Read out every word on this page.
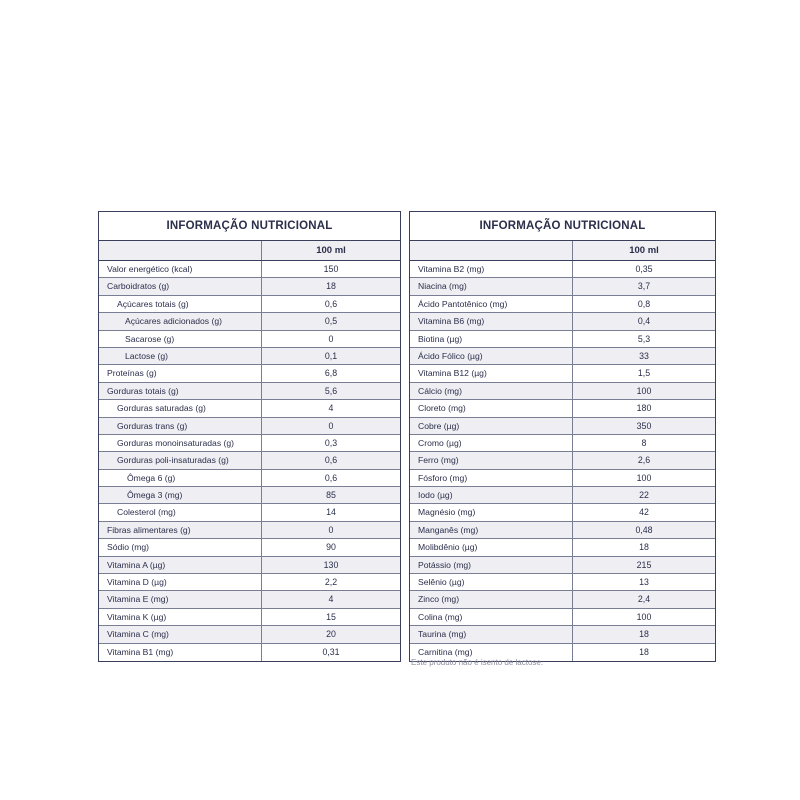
INFORMAÇÃO NUTRICIONAL
100 ml
Valor energético (kcal)	150
Carboidratos (g)	18
Açúcares totais (g)	0,6
Açúcares adicionados (g)	0,5
Sacarose (g)	0
Lactose (g)	0,1
Proteínas (g)	6,8
Gorduras totais (g)	5,6
Gorduras saturadas (g)	4
Gorduras trans (g)	0
Gorduras monoinsaturadas (g)	0,3
Gorduras poli-insaturadas (g)	0,6
Ômega 6 (g)	0,6
Ômega 3 (mg)	85
Colesterol (mg)	14
Fibras alimentares (g)	0
Sódio (mg)	90
Vitamina A (µg)	130
Vitamina D (µg)	2,2
Vitamina E (mg)	4
Vitamina K (µg)	15
Vitamina C (mg)	20
Vitamina B1 (mg)	0,31
INFORMAÇÃO NUTRICIONAL
100 ml
Vitamina B2 (mg)	0,35
Niacina (mg)	3,7
Ácido Pantotênico (mg)	0,8
Vitamina B6 (mg)	0,4
Biotina (µg)	5,3
Ácido Fólico (µg)	33
Vitamina B12 (µg)	1,5
Cálcio (mg)	100
Cloreto (mg)	180
Cobre (µg)	350
Cromo (µg)	8
Ferro (mg)	2,6
Fósforo (mg)	100
Iodo (µg)	22
Magnésio (mg)	42
Manganês (mg)	0,48
Molibdênio (µg)	18
Potássio (mg)	215
Selênio (µg)	13
Zinco (mg)	2,4
Colina (mg)	100
Taurina (mg)	18
Carnitina (mg)	18
Este produto não é isento de lactose.
